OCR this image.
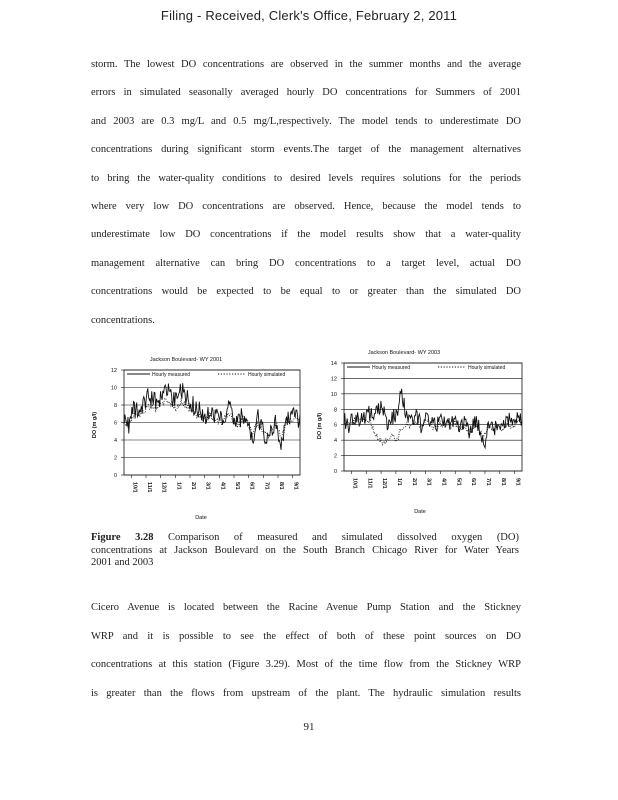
Filing - Received, Clerk's Office, February 2, 2011
storm. The lowest DO concentrations are observed in the summer months and the average
errors in simulated seasonally averaged hourly DO concentrations for Summers of 2001
and 2003 are 0.3 mg/L and 0.5 mg/L,respectively. The model tends to underestimate DO
concentrations during significant storm events.The target of the management alternatives
to bring the water-quality conditions to desired levels requires solutions for the periods
where very low DO concentrations are observed. Hence, because the model tends to
underestimate low DO concentrations if the model results show that a water-quality
management alternative can bring DO concentrations to a target level, actual DO
concentrations would be expected to be equal to or greater than the simulated DO
concentrations.
Jackson Boulevard- WY 2001
DO (m g/l)
Date
0
2
4
6
8
10
12
10/1 11/1 12/1 1/1 2/1 3/1 4/1 5/1 6/1 7/1 8/1 9/1
Hourly measured	Hourly simulated
Jackson Boulevard- WY 2003
DO (m g/l)
Date
0
2
4
6
8
10
12
14
10/1 11/1 12/1 1/1 2/1 3/1 4/1 5/1 6/1 7/1 8/1 9/1
Hourly measured	Hourly simulated
Figure 3.28 Comparison of measured and simulated dissolved oxygen (DO)
concentrations at Jackson Boulevard on the South Branch Chicago River for Water Years
2001 and 2003
Cicero Avenue is located between the Racine Avenue Pump Station and the Stickney
WRP and it is possible to see the effect of both of these point sources on DO
concentrations at this station (Figure 3.29). Most of the time flow from the Stickney WRP
is greater than the flows from upstream of the plant. The hydraulic simulation results
91
